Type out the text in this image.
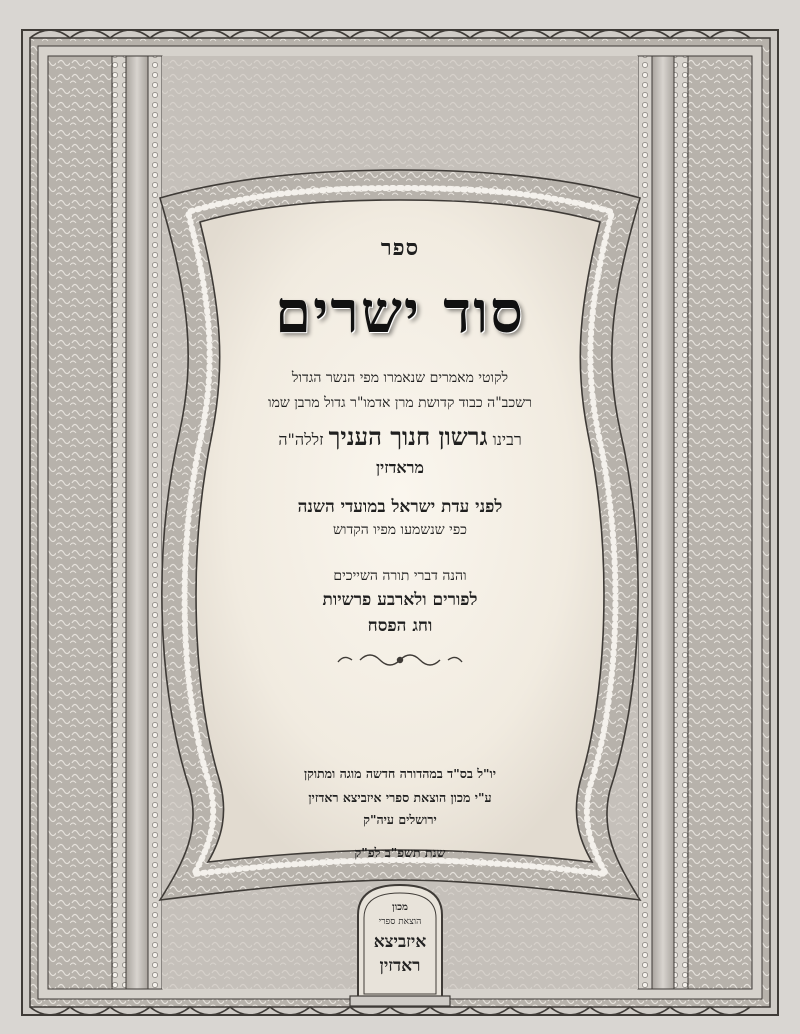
ספר
סוד ישרים
לקוטי מאמרים שנאמרו מפי הנשר הגדול
רשכב"ה כבוד קדושת מרן אדמו"ר גדול מרבן שמו
רבינו גרשון חנוך העניך זללה"ה
מראדזין
לפני עדת ישראל במועדי השנה
כפי שנשמעו מפיו הקדוש
והנה דברי תורה השייכים
לפורים ולארבע פרשיות
וחג הפסח
יו"ל בס"ד במהדורה חדשה מוגה ומתוקן
ע"י מכון הוצאת ספרי איזביצא ראדזין
ירושלים עיה"ק
שנת תשפ"ב לפ"ק
מכון
הוצאת ספרי
איזביצא
ראדזין
